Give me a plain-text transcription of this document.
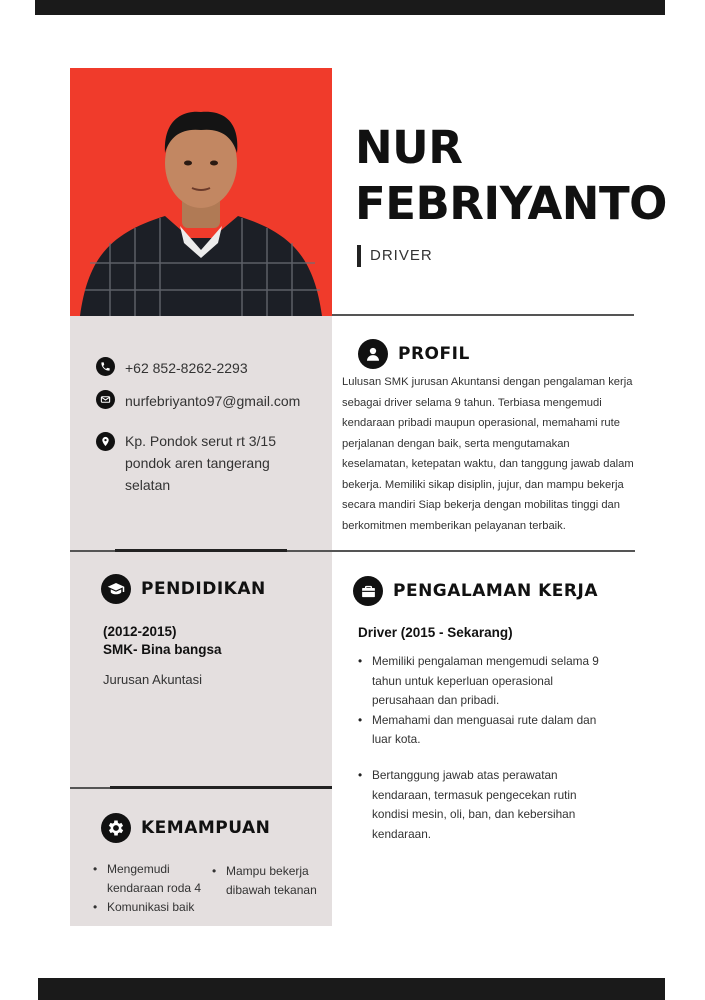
NUR
FEBRIYANTO
DRIVER
+62 852-8262-2293
nurfebriyanto97@gmail.com
Kp. Pondok serut rt 3/15
pondok aren tangerang
selatan
PROFIL
Lulusan SMK jurusan Akuntansi dengan pengalaman kerja
sebagai driver selama 9 tahun. Terbiasa mengemudi
kendaraan pribadi maupun operasional, memahami rute
perjalanan dengan baik, serta mengutamakan
keselamatan, ketepatan waktu, dan tanggung jawab dalam
bekerja. Memiliki sikap disiplin, jujur, dan mampu bekerja
secara mandiri Siap bekerja dengan mobilitas tinggi dan
berkomitmen memberikan pelayanan terbaik.
PENDIDIKAN
(2012-2015)
SMK- Bina bangsa
Jurusan Akuntasi
PENGALAMAN KERJA
Driver (2015 - Sekarang)
• Memiliki pengalaman mengemudi selama 9
tahun untuk keperluan operasional
perusahaan dan pribadi.
• Memahami dan menguasai rute dalam dan
luar kota.
• Bertanggung jawab atas perawatan
kendaraan, termasuk pengecekan rutin
kondisi mesin, oli, ban, dan kebersihan
kendaraan.
KEMAMPUAN
• Mengemudi
kendaraan roda 4
• Komunikasi baik
• Mampu bekerja
dibawah tekanan
